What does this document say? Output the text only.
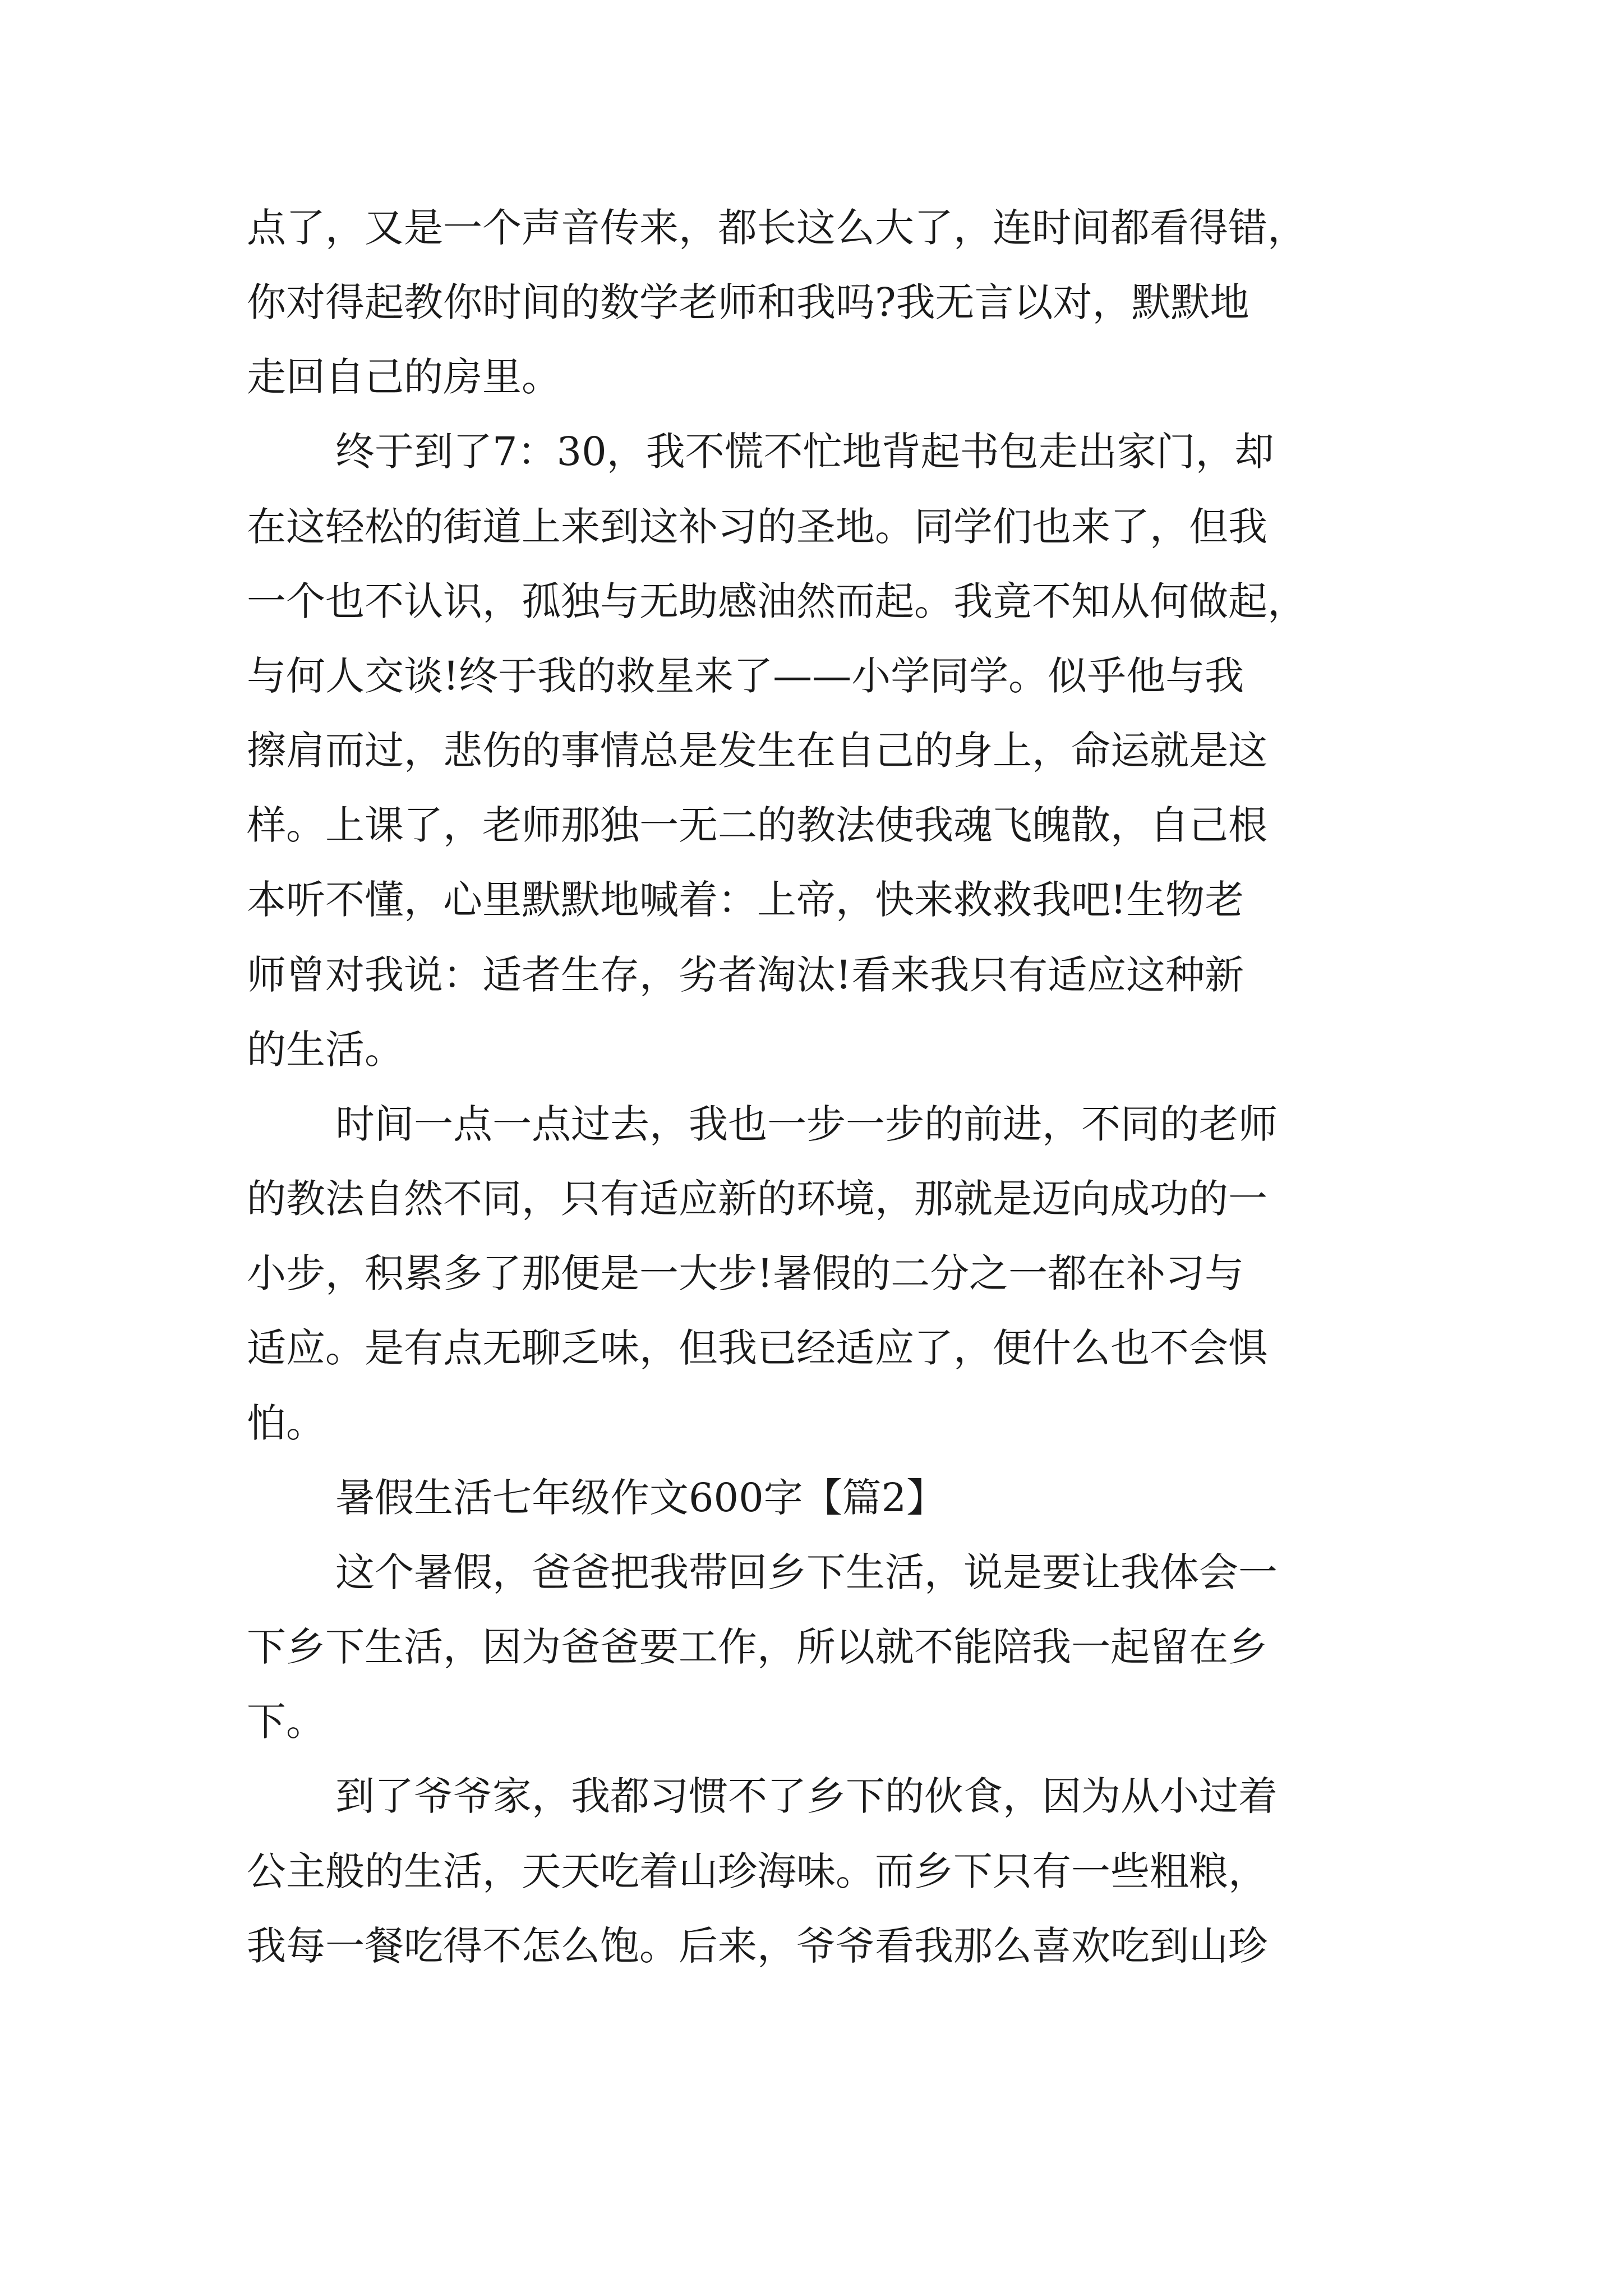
点了，又是一个声音传来，都长这么大了，连时间都看得错，
你对得起教你时间的数学老师和我吗?我无言以对，默默地
走回自己的房里。
终于到了7：30，我不慌不忙地背起书包走出家门，却
在这轻松的街道上来到这补习的圣地。同学们也来了，但我
一个也不认识，孤独与无助感油然而起。我竟不知从何做起，
与何人交谈!终于我的救星来了——小学同学。似乎他与我
擦肩而过，悲伤的事情总是发生在自己的身上，命运就是这
样。上课了，老师那独一无二的教法使我魂飞魄散，自己根
本听不懂，心里默默地喊着：上帝，快来救救我吧!生物老
师曾对我说：适者生存，劣者淘汰!看来我只有适应这种新
的生活。
时间一点一点过去，我也一步一步的前进，不同的老师
的教法自然不同，只有适应新的环境，那就是迈向成功的一
小步，积累多了那便是一大步!暑假的二分之一都在补习与
适应。是有点无聊乏味，但我已经适应了，便什么也不会惧
怕。
暑假生活七年级作文600字【篇2】
这个暑假，爸爸把我带回乡下生活，说是要让我体会一
下乡下生活，因为爸爸要工作，所以就不能陪我一起留在乡
下。
到了爷爷家，我都习惯不了乡下的伙食，因为从小过着
公主般的生活，天天吃着山珍海味。而乡下只有一些粗粮，
我每一餐吃得不怎么饱。后来，爷爷看我那么喜欢吃到山珍
